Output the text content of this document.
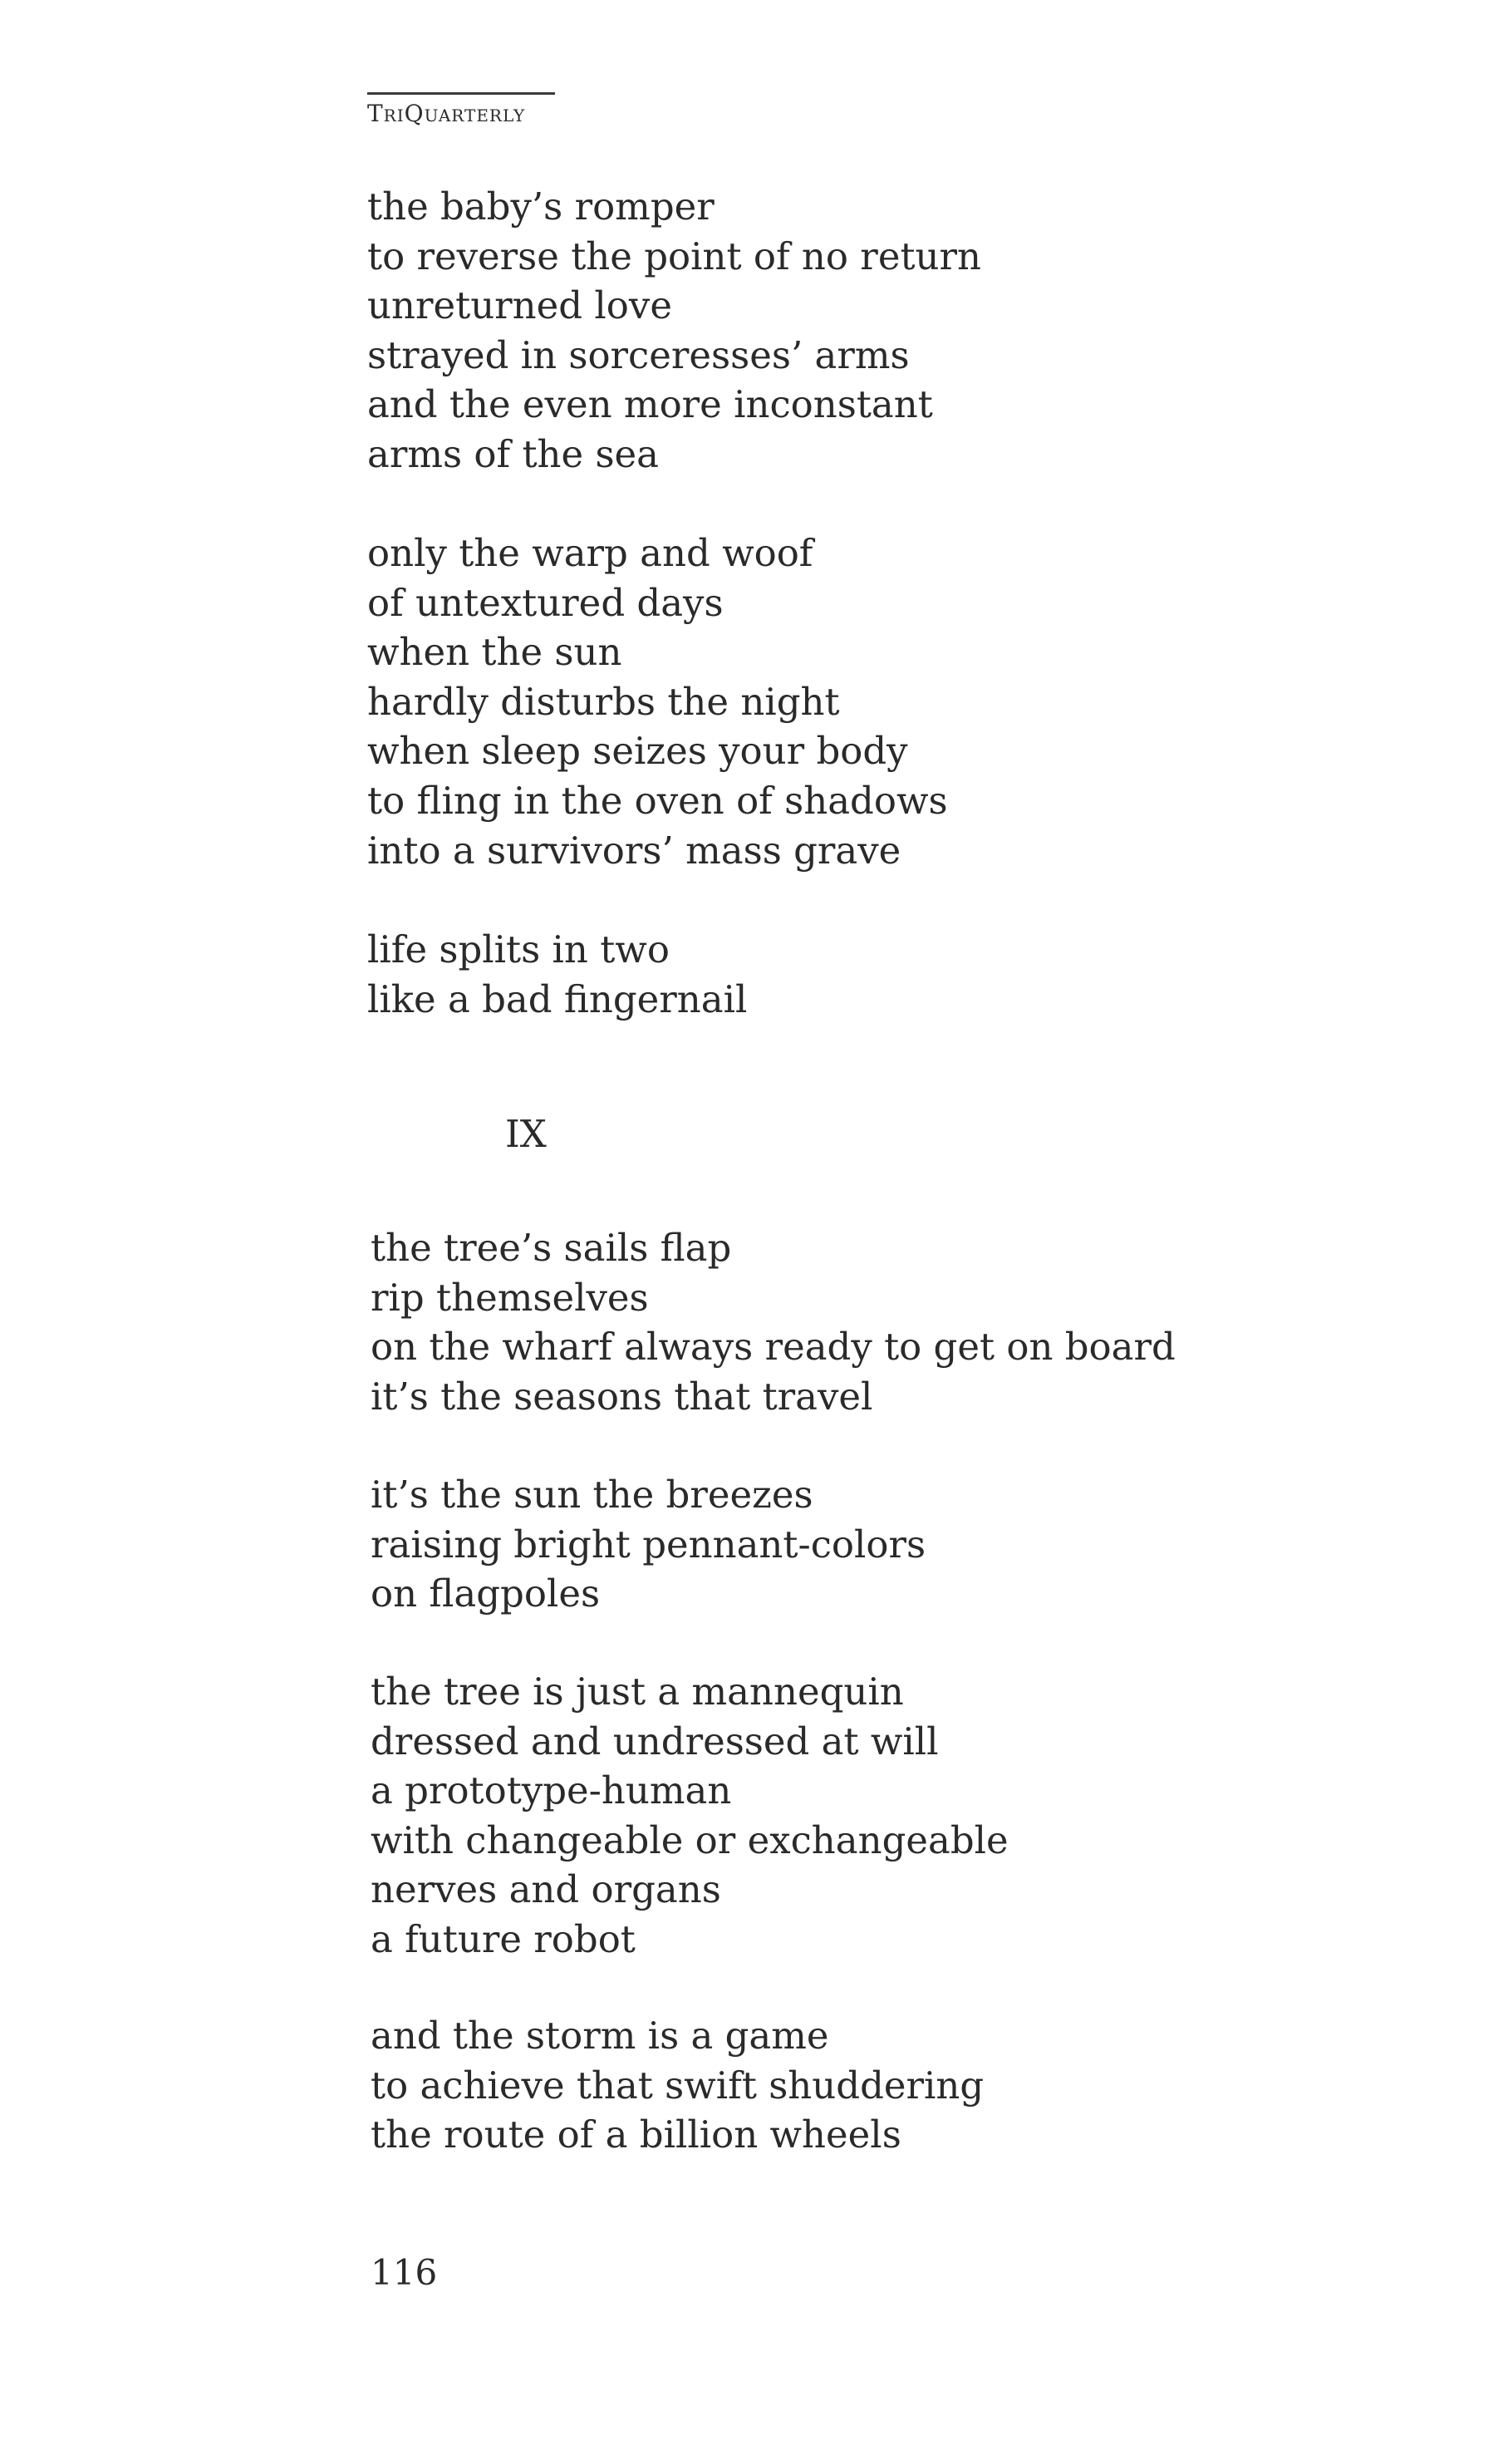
TriQuarterly
the baby’s romper
to reverse the point of no return
unreturned love
strayed in sorceresses’ arms
and the even more inconstant
arms of the sea
only the warp and woof
of untextured days
when the sun
hardly disturbs the night
when sleep seizes your body
to fling in the oven of shadows
into a survivors’ mass grave
life splits in two
like a bad fingernail
IX
the tree’s sails flap
rip themselves
on the wharf always ready to get on board
it’s the seasons that travel
it’s the sun the breezes
raising bright pennant-colors
on flagpoles
the tree is just a mannequin
dressed and undressed at will
a prototype-human
with changeable or exchangeable
nerves and organs
a future robot
and the storm is a game
to achieve that swift shuddering
the route of a billion wheels
116
